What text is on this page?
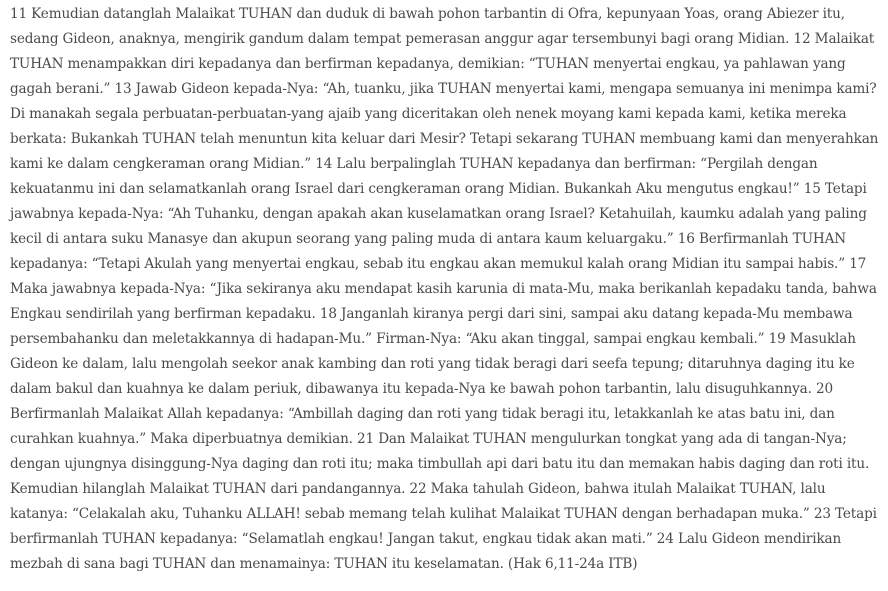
11 Kemudian datanglah Malaikat TUHAN dan duduk di bawah pohon tarbantin di Ofra, kepunyaan Yoas, orang Abiezer itu, sedang Gideon, anaknya, mengirik gandum dalam tempat pemerasan anggur agar tersembunyi bagi orang Midian. 12 Malaikat TUHAN menampakkan diri kepadanya dan berfirman kepadanya, demikian: “TUHAN menyertai engkau, ya pahlawan yang gagah berani.” 13 Jawab Gideon kepada-Nya: “Ah, tuanku, jika TUHAN menyertai kami, mengapa semuanya ini menimpa kami? Di manakah segala perbuatan-perbuatan-yang ajaib yang diceritakan oleh nenek moyang kami kepada kami, ketika mereka berkata: Bukankah TUHAN telah menuntun kita keluar dari Mesir? Tetapi sekarang TUHAN membuang kami dan menyerahkan kami ke dalam cengkeraman orang Midian.” 14 Lalu berpalinglah TUHAN kepadanya dan berfirman: “Pergilah dengan kekuatanmu ini dan selamatkanlah orang Israel dari cengkeraman orang Midian. Bukankah Aku mengutus engkau!” 15 Tetapi jawabnya kepada-Nya: “Ah Tuhanku, dengan apakah akan kuselamatkan orang Israel? Ketahuilah, kaumku adalah yang paling kecil di antara suku Manasye dan akupun seorang yang paling muda di antara kaum keluargaku.” 16 Berfirmanlah TUHAN kepadanya: “Tetapi Akulah yang menyertai engkau, sebab itu engkau akan memukul kalah orang Midian itu sampai habis.” 17 Maka jawabnya kepada-Nya: “Jika sekiranya aku mendapat kasih karunia di mata-Mu, maka berikanlah kepadaku tanda, bahwa Engkau sendirilah yang berfirman kepadaku. 18 Janganlah kiranya pergi dari sini, sampai aku datang kepada-Mu membawa persembahanku dan meletakkannya di hadapan-Mu.” Firman-Nya: “Aku akan tinggal, sampai engkau kembali.” 19 Masuklah Gideon ke dalam, lalu mengolah seekor anak kambing dan roti yang tidak beragi dari seefa tepung; ditaruhnya daging itu ke dalam bakul dan kuahnya ke dalam periuk, dibawanya itu kepada-Nya ke bawah pohon tarbantin, lalu disuguhkannya. 20 Berfirmanlah Malaikat Allah kepadanya: “Ambillah daging dan roti yang tidak beragi itu, letakkanlah ke atas batu ini, dan curahkan kuahnya.” Maka diperbuatnya demikian. 21 Dan Malaikat TUHAN mengulurkan tongkat yang ada di tangan-Nya; dengan ujungnya disinggung-Nya daging dan roti itu; maka timbullah api dari batu itu dan memakan habis daging dan roti itu. Kemudian hilanglah Malaikat TUHAN dari pandangannya. 22 Maka tahulah Gideon, bahwa itulah Malaikat TUHAN, lalu katanya: “Celakalah aku, Tuhanku ALLAH! sebab memang telah kulihat Malaikat TUHAN dengan berhadapan muka.” 23 Tetapi berfirmanlah TUHAN kepadanya: “Selamatlah engkau! Jangan takut, engkau tidak akan mati.” 24 Lalu Gideon mendirikan mezbah di sana bagi TUHAN dan menamainya: TUHAN itu keselamatan. (Hak 6,11-24a ITB)
